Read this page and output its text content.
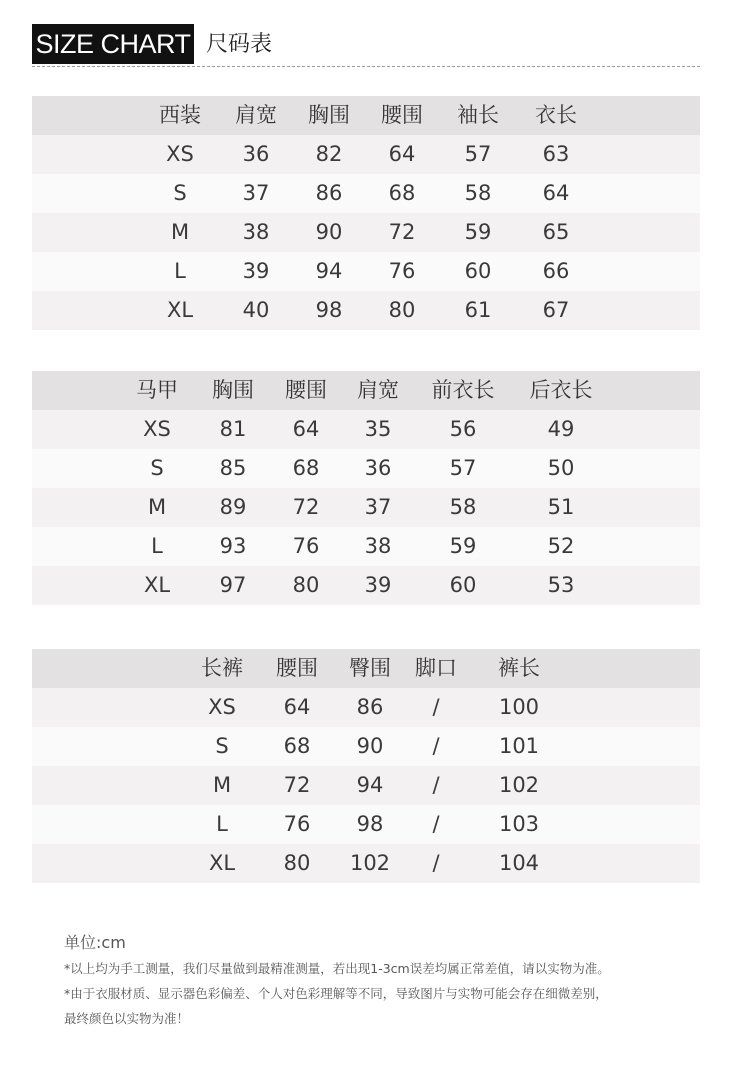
SIZE CHART 尺码表
西装 肩宽 胸围 腰围 袖长 衣长
XS 36 82 64 57 63
S	37 86 68 58 64
M	38 90 72 59 65
L	39 94 76 60 66
XL 40 98 80 61 67
马甲 胸围 腰围 肩宽 前衣长 后衣长
XS 81 64 35	56	49
S	85 68 36	57	50
M	89 72 37	58	51
L	93 76 38	59	52
XL 97 80 39	60	53
长裤 腰围 臀围 脚口 裤长
XS 64 86 /	100
S	68 90 /	101
M	72 94 /	102
L	76 98 /	103
XL 80 102 /	104
单位:cm
*以上均为手工测量，我们尽量做到最精准测量，若出现1-3cm误差均属正常差值，请以实物为准。
*由于衣服材质、显示器色彩偏差、个人对色彩理解等不同，导致图片与实物可能会存在细微差别，
最终颜色以实物为准！
